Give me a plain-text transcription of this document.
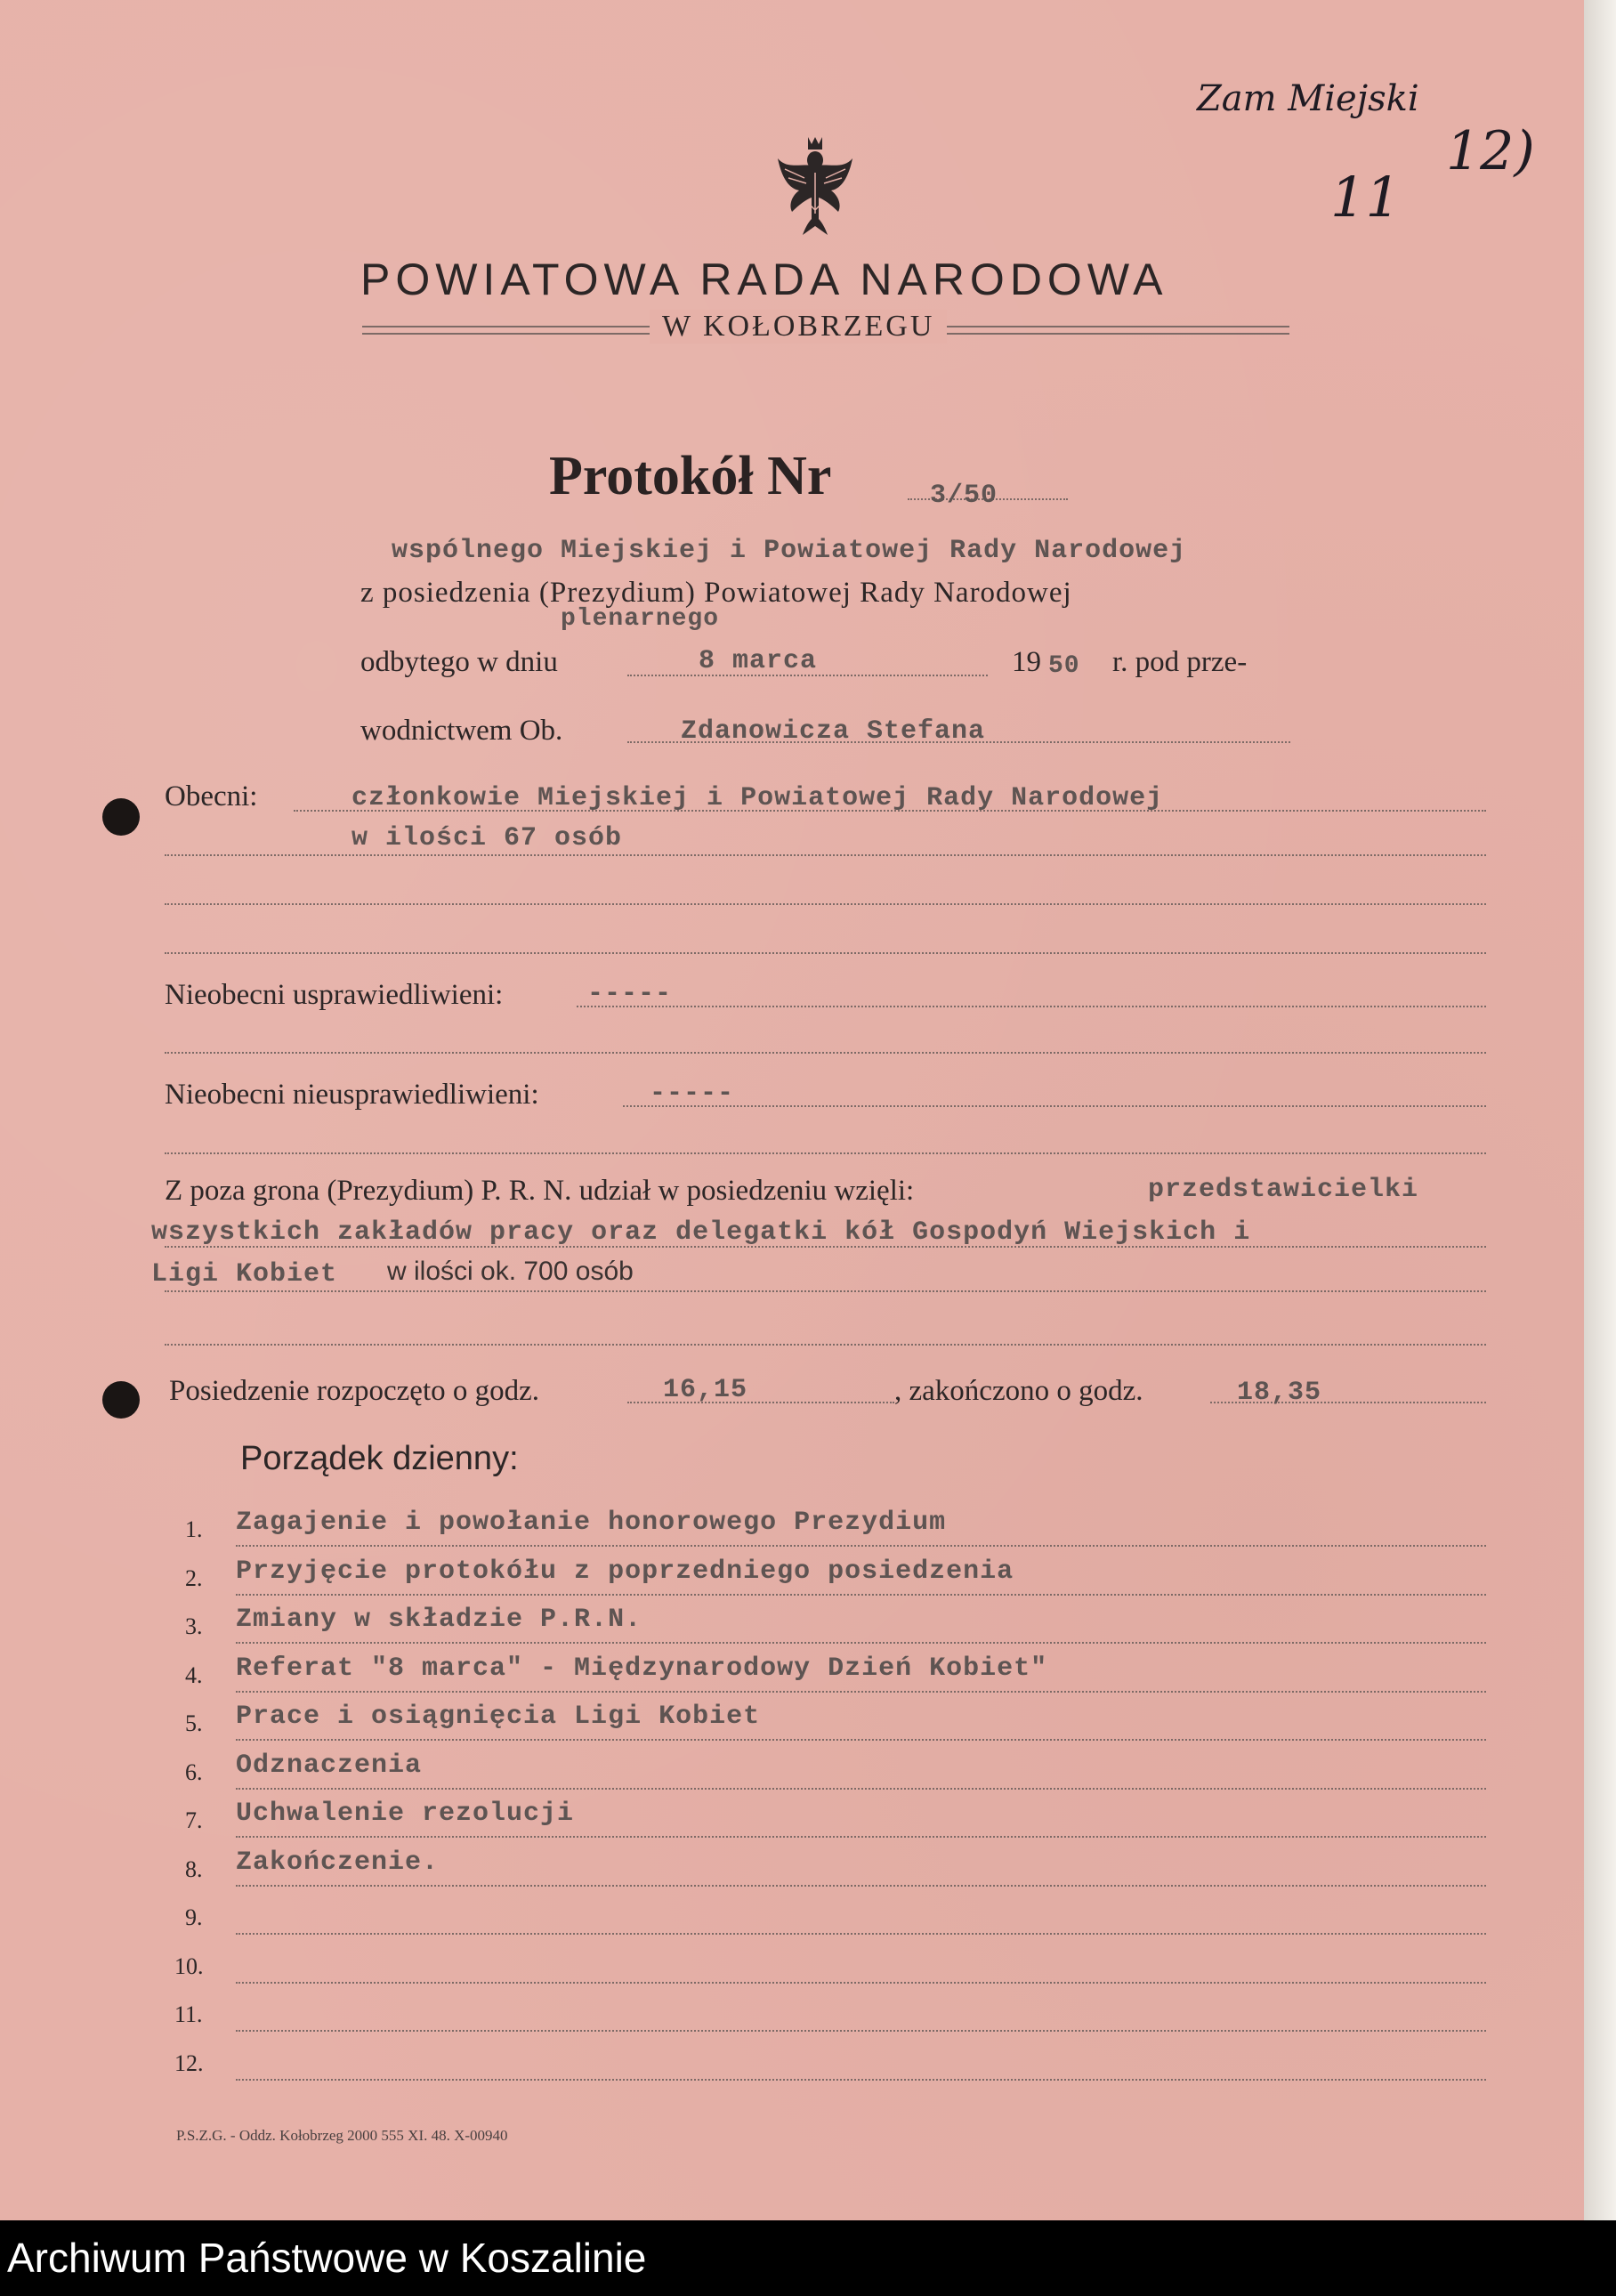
Zam Miejski
11
12)
POWIATOWA RADA NARODOWA
W KOŁOBRZEGU
Protokół Nr	3/50
wspólnego Miejskiej i Powiatowej Rady Narodowej
z posiedzenia (Prezydium) Powiatowej Rady Narodowej
plenarnego
odbytego w dniu	8 marca	19 50 r. pod prze-
wodnictwem Ob.	Zdanowicza Stefana
Obecni:	członkowie Miejskiej i Powiatowej Rady Narodowej
w ilości 67 osób
Nieobecni usprawiedliwieni:	-----
Nieobecni nieusprawiedliwieni:	-----
Z poza grona (Prezydium) P. R. N. udział w posiedzeniu wzięli:	przedstawicielki
wszystkich zakładów pracy oraz delegatki kół Gospodyń Wiejskich i
Ligi Kobiet w ilości ok. 700 osób
Posiedzenie rozpoczęto o godz.	16,15	, zakończono o godz.	18,35
Porządek dzienny:
1. Zagajenie i powołanie honorowego Prezydium
2. Przyjęcie protokółu z poprzedniego posiedzenia
3. Zmiany w składzie P.R.N.
4. Referat "8 marca" - Międzynarodowy Dzień Kobiet"
5. Prace i osiągnięcia Ligi Kobiet
6. Odznaczenia
7. Uchwalenie rezolucji
8. Zakończenie.
9.
10.
11.
12.
P.S.Z.G. - Oddz. Kołobrzeg 2000 555 XI. 48. X-00940
Archiwum Państwowe w Koszalinie
